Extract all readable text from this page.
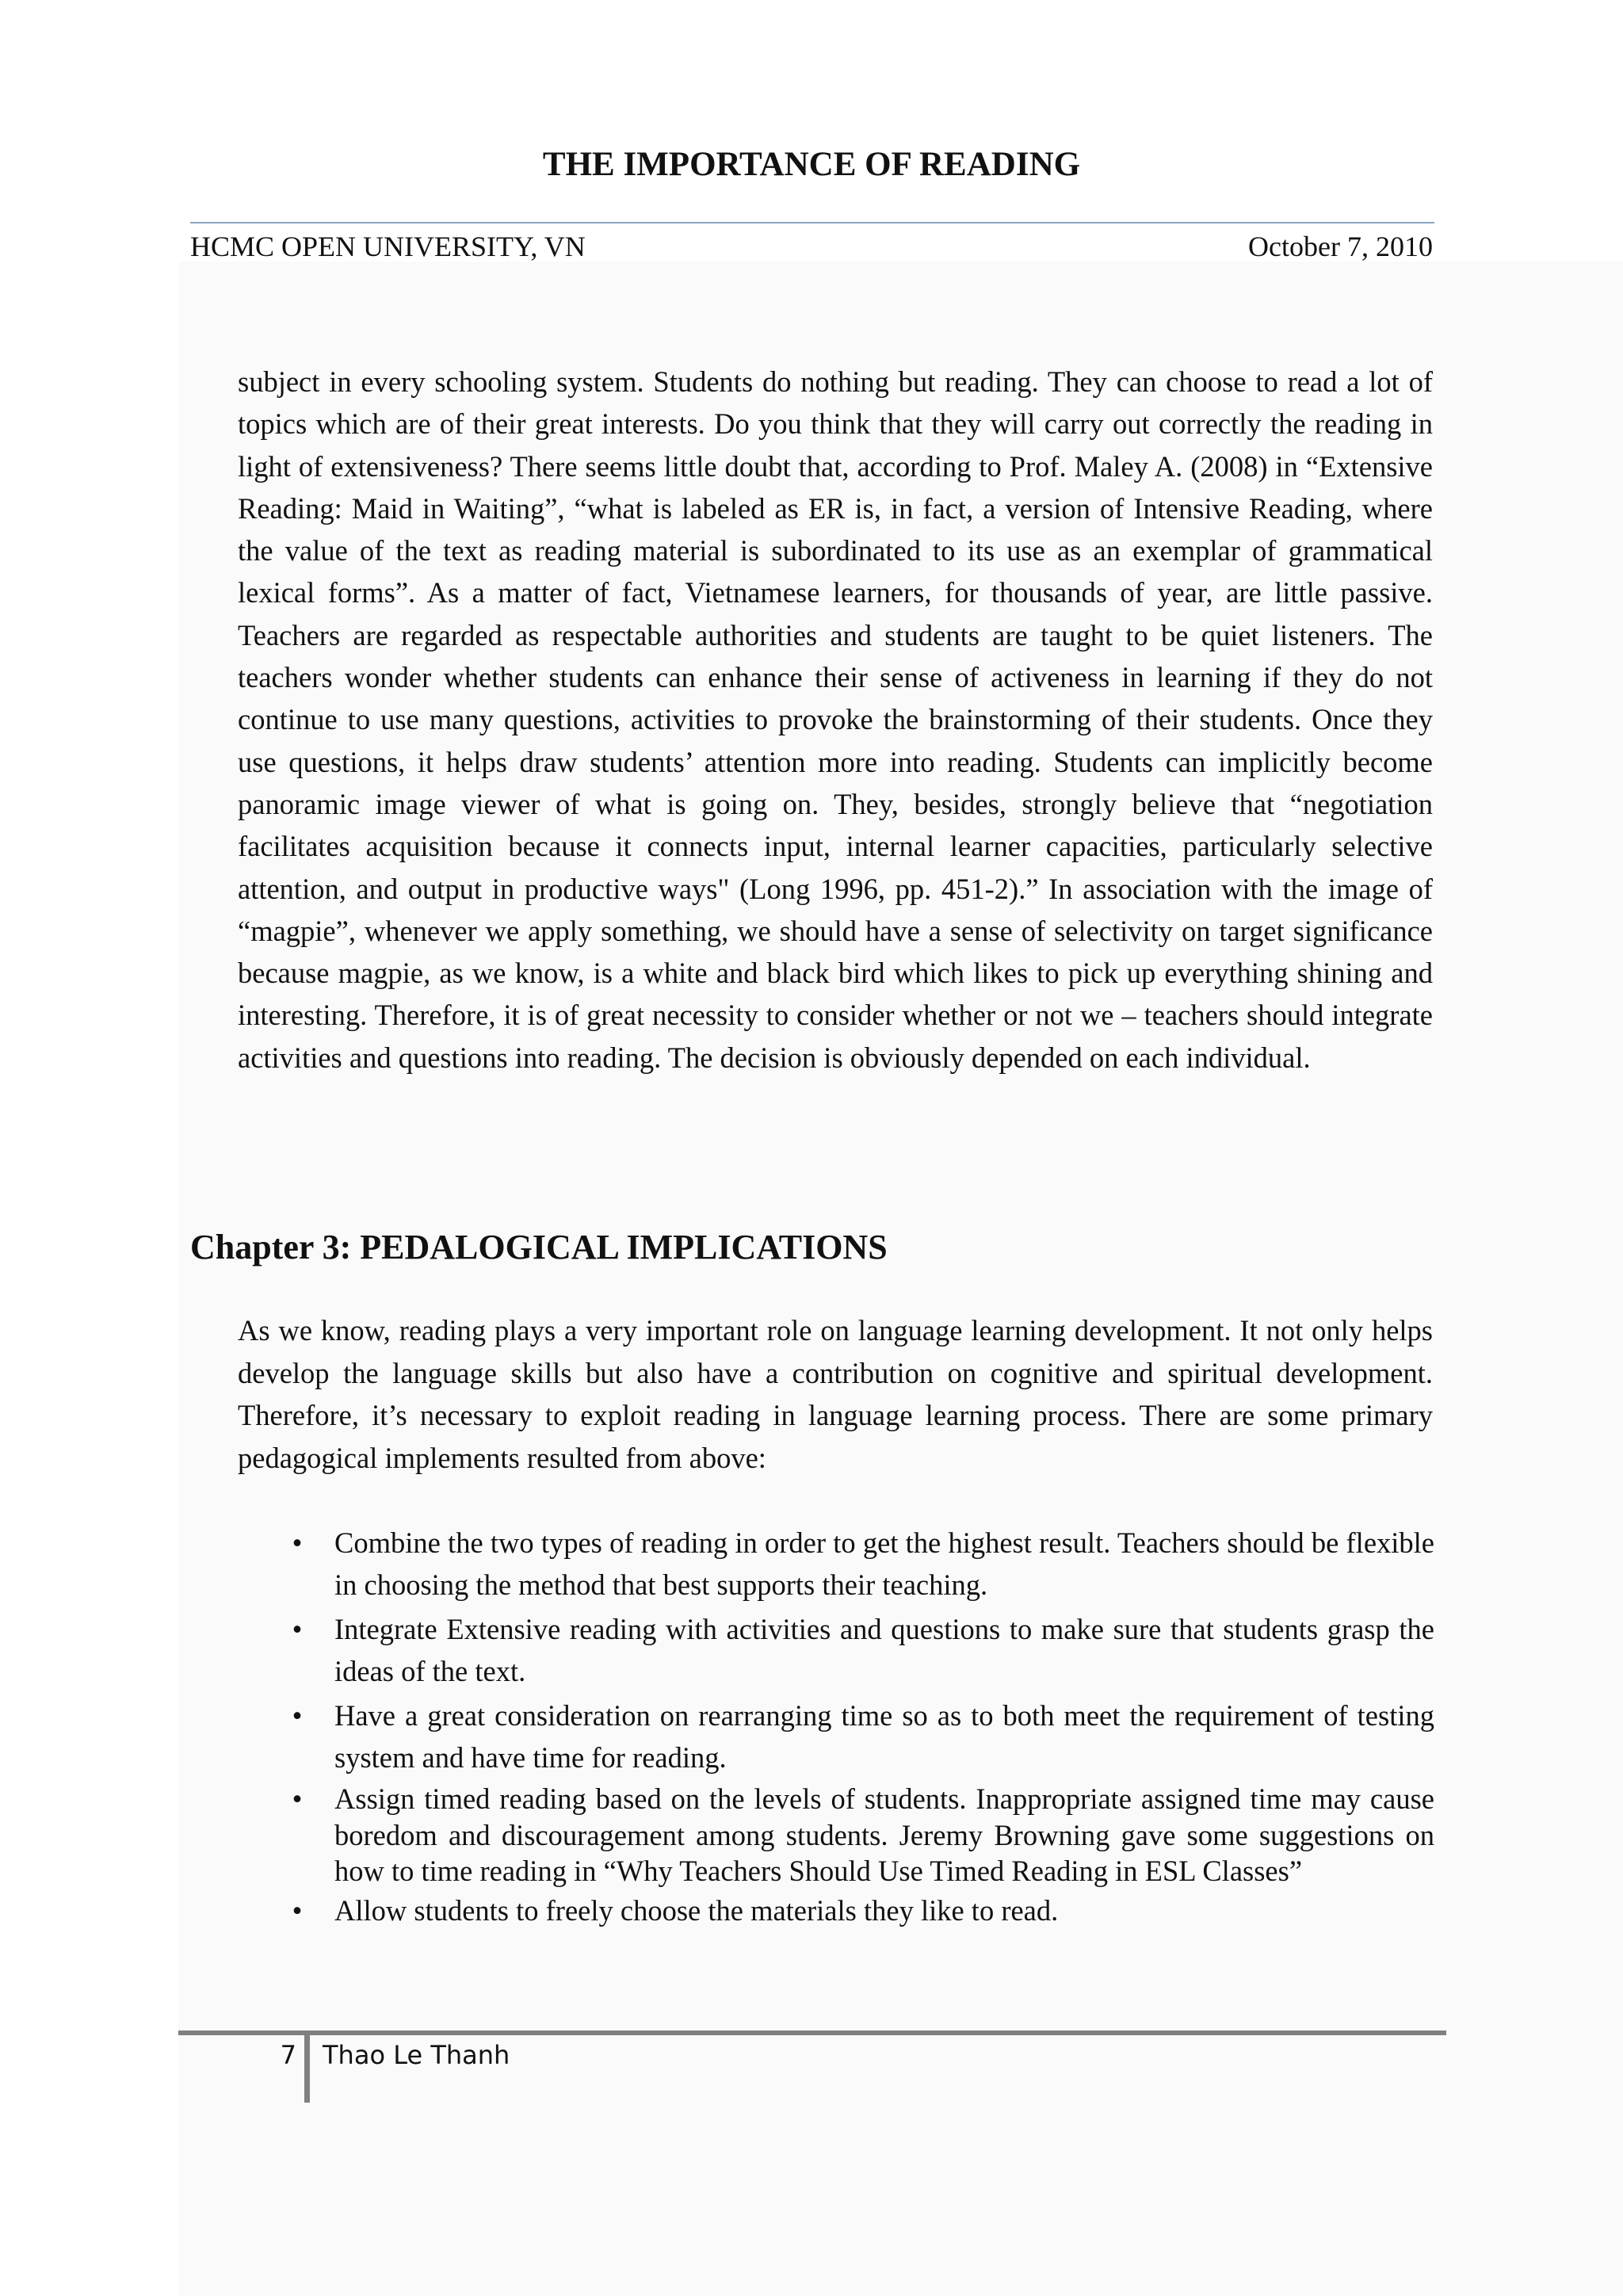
THE IMPORTANCE OF READING
HCMC OPEN UNIVERSITY, VN	October 7, 2010

subject in every schooling system. Students do nothing but reading. They can choose to read a lot of topics which are of their great interests. Do you think that they will carry out correctly the reading in light of extensiveness? There seems little doubt that, according to Prof. Maley A. (2008) in “Extensive Reading: Maid in Waiting”, “what is labeled as ER is, in fact, a version of Intensive Reading, where the value of the text as reading material is subordinated to its use as an exemplar of grammatical lexical forms”. As a matter of fact, Vietnamese learners, for thousands of year, are little passive. Teachers are regarded as respectable authorities and students are taught to be quiet listeners. The teachers wonder whether students can enhance their sense of activeness in learning if they do not continue to use many questions, activities to provoke the brainstorming of their students. Once they use questions, it helps draw students’ attention more into reading. Students can implicitly become panoramic image viewer of what is going on. They, besides, strongly believe that “negotiation facilitates acquisition because it connects input, internal learner capacities, particularly selective attention, and output in productive ways" (Long 1996, pp. 451-2).” In association with the image of “magpie”, whenever we apply something, we should have a sense of selectivity on target significance because magpie, as we know, is a white and black bird which likes to pick up everything shining and interesting. Therefore, it is of great necessity to consider whether or not we – teachers should integrate activities and questions into reading. The decision is obviously depended on each individual.

Chapter 3: PEDALOGICAL IMPLICATIONS

As we know, reading plays a very important role on language learning development. It not only helps develop the language skills but also have a contribution on cognitive and spiritual development. Therefore, it’s necessary to exploit reading in language learning process. There are some primary pedagogical implements resulted from above:

• Combine the two types of reading in order to get the highest result. Teachers should be flexible in choosing the method that best supports their teaching.
• Integrate Extensive reading with activities and questions to make sure that students grasp the ideas of the text.
• Have a great consideration on rearranging time so as to both meet the requirement of testing system and have time for reading.
• Assign timed reading based on the levels of students. Inappropriate assigned time may cause boredom and discouragement among students. Jeremy Browning gave some suggestions on how to time reading in “Why Teachers Should Use Timed Reading in ESL Classes”
• Allow students to freely choose the materials they like to read.
7 Thao Le Thanh
